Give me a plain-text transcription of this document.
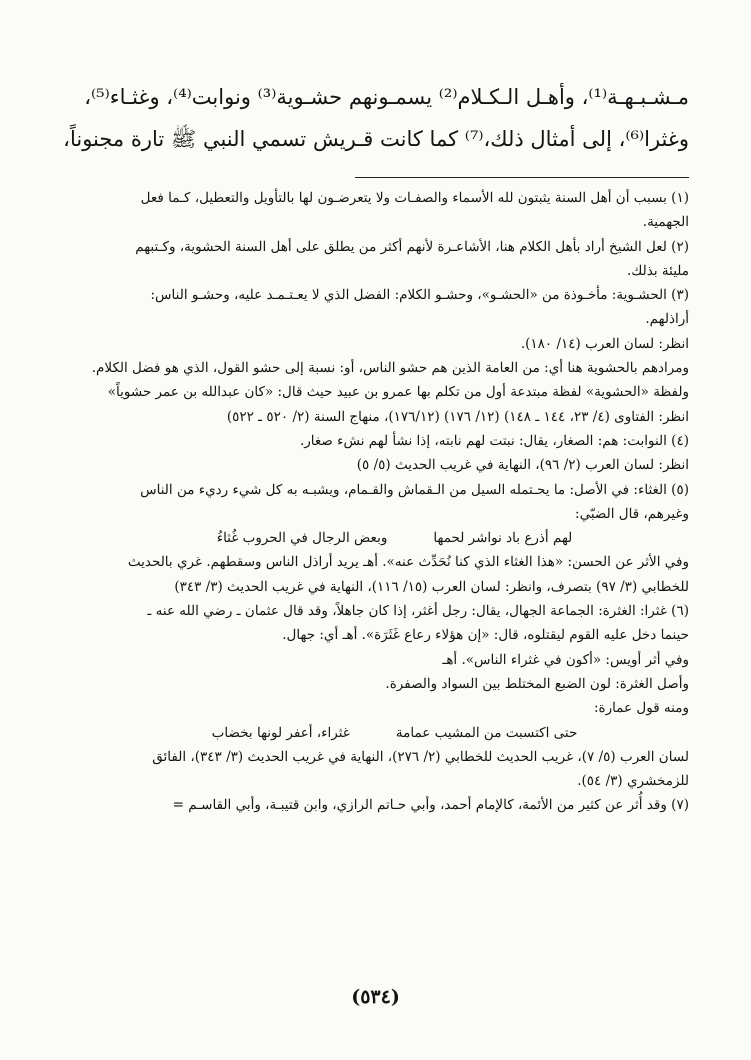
مـشـبـهـة⁽¹⁾، وأهـل الـكـلام⁽²⁾ يسمـونهم حشـوية⁽³⁾ ونوابت⁽⁴⁾، وغثـاء⁽⁵⁾،

وغثرا⁽⁶⁾، إلى أمثال ذلك،⁽⁷⁾ كما كانت قـريش تسمي النبي ﷺ تارة مجنوناً،

(١) بسبب أن أهل السنة يثبتون لله الأسماء والصفـات ولا يتعرضـون لها بالتأويل والتعطيل، كـما فعل

الجهمية.

(٢) لعل الشيخ أراد بأهل الكلام هنا، الأشاعـرة لأنهم أكثر من يطلق على أهل السنة الحشوية، وكـتبهم

مليئة بذلك.

(٣) الحشـوية: مأخـوذة من «الحشـو»، وحشـو الكلام: الفضل الذي لا يعـتـمـد عليه، وحشـو الناس:

أراذلهم.

انظر: لسان العرب (١٤/ ١٨٠).

ومرادهم بالحشوية هنا أي: من العامة الذين هم حشو الناس، أو: نسبة إلى حشو القول، الذي هو فضل الكلام.

ولفظة «الحشوية» لفظة مبتدعة أول من تكلم بها عمرو بن عبيد حيث قال: «كان عبدالله بن عمر حشوياً»

انظر: الفتاوى (٤/ ٢٣، ١٤٤ ـ ١٤٨) (١٢/ ١٧٦) (١٧٦/١٢)، منهاج السنة (٢/ ٥٢٠ ـ ٥٢٢)

(٤) النوابت: هم: الصغار، يقال: نبتت لهم نابته، إذا نشأ لهم نشء صغار.

انظر: لسان العرب (٢/ ٩٦)، النهاية في غريب الحديث (٥/ ٥)

(٥) الغثاء: في الأصل: ما يحـتمله السيل من الـقماش والقـمام، ويشبـه به كل شيء رديء من الناس

وغيرهم، قال الضبّي:

لهم أذرع باد نواشر لحمهاوبعض الرجال في الحروب غُثاءُ

وفي الأثر عن الحسن: «هذا الغثاء الذي كنا نُحَدِّث عنه». أهـ يريد أراذل الناس وسقطهم. غري بالحديث

للخطابي (٣/ ٩٧) بتصرف، وانظر: لسان العرب (١٥/ ١١٦)، النهاية في غريب الحديث (٣/ ٣٤٣)

(٦) غثرا: الغثرة: الجماعة الجهال، يقال: رجل أغثر، إذا كان جاهلاً، وقد قال عثمان ـ رضي الله عنه ـ

حينما دخل عليه القوم ليقتلوه، قال: «إن هؤلاء رعاع غَثَرَة». أهـ أي: جهال.

وفي أثر أويس: «أكون في غثراء الناس». أهـ

وأصل الغثرة: لون الضبع المختلط بين السواد والصفرة.

ومنه قول عمارة:

حتى اكتسبت من المشيب عمامةغثراء، أعفر لونها بخضاب

لسان العرب (٥/ ٧)، غريب الحديث للخطابي (٢/ ٢٧٦)، النهاية في غريب الحديث (٣/ ٣٤٣)، الفائق

للزمخشري (٣/ ٥٤).

(٧) وقد أُثر عن كثير من الأئمة، كالإمام أحمد، وأبي حـاتم الرازي، وابن قتيبـة، وأبي القاسـم =

(٥٣٤)
